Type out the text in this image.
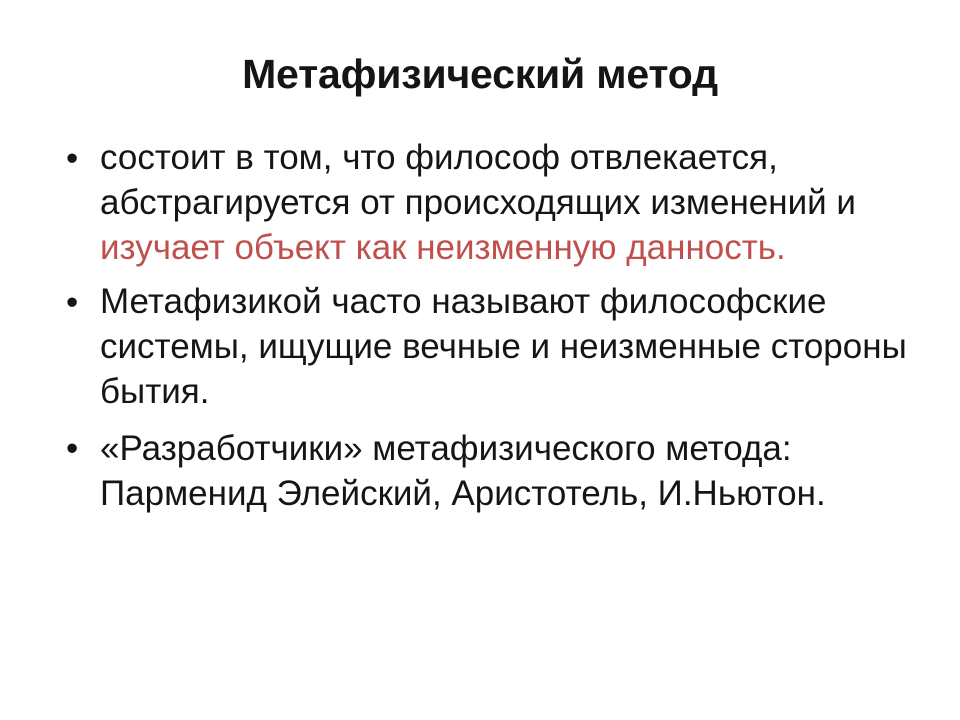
Метафизический метод
• состоит в том, что философ отвлекается, абстрагируется от происходящих изменений и изучает объект как неизменную данность.
• Метафизикой часто называют философские системы, ищущие вечные и неизменные стороны бытия.
• «Разработчики» метафизического метода: Парменид Элейский, Аристотель, И.Ньютон.
